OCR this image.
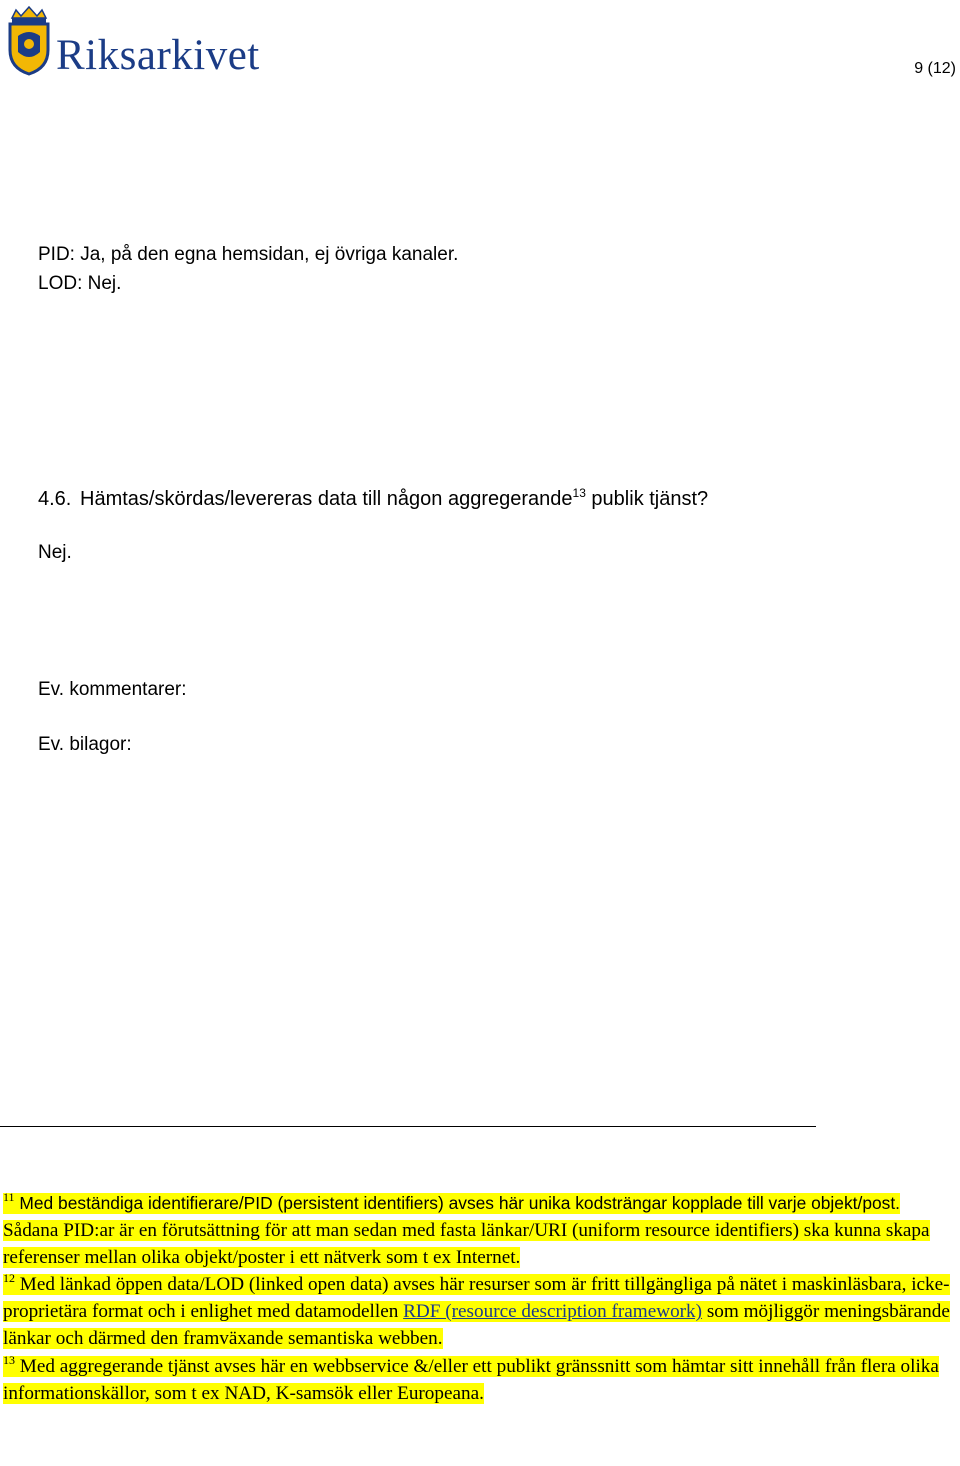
Riksarkivet	9 (12)
PID: Ja, på den egna hemsidan, ej övriga kanaler.
LOD: Nej.
4.6. Hämtas/skördas/levereras data till någon aggregerande$^{13}$ publik tjänst?
Nej.
Ev. kommentarer:
Ev. bilagor:

$^{11}$ Med beständiga identifierare/PID (persistent identifiers) avses här unika kodsträngar kopplade till varje objekt/post. Sådana PID:ar är en förutsättning för att man sedan med fasta länkar/URI (uniform resource identifiers) ska kunna skapa referenser mellan olika objekt/poster i ett nätverk som t ex Internet.

$^{12}$ Med länkad öppen data/LOD (linked open data) avses här resurser som är fritt tillgängliga på nätet i maskinläsbara, icke-proprietära format och i enlighet med datamodellen RDF (resource description framework) som möjliggör meningsbärande länkar och därmed den framväxande semantiska webben.

$^{13}$ Med aggregerande tjänst avses här en webbservice &/eller ett publikt gränssnitt som hämtar sitt innehåll från flera olika informationskällor, som t ex NAD, K-samsök eller Europeana.
